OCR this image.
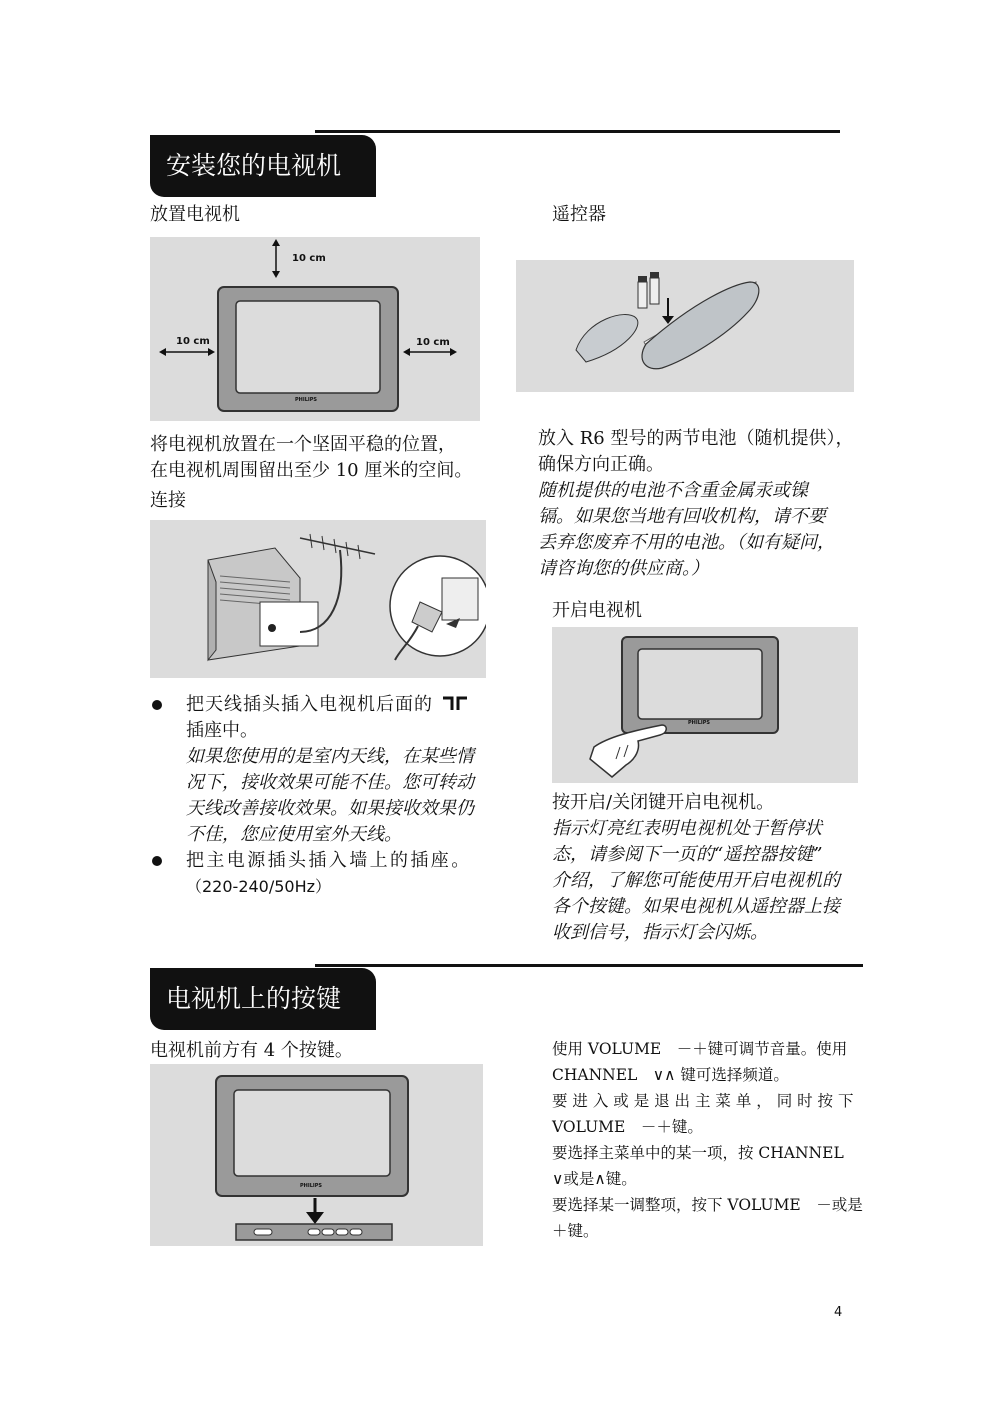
安装您的电视机
放置电视机
10 cm
10 cm	10 cm
PHILIPS
将电视机放置在一个坚固平稳的位置，
在电视机周围留出至少 10 厘米的空间。
连接
把天线插头插入电视机后面的
插座中。
如果您使用的是室内天线，在某些情
况下，接收效果可能不佳。您可转动
天线改善接收效果。如果接收效果仍
不佳，您应使用室外天线。
把主电源插头插入墙上的插座。
（220-240/50Hz）
遥控器
放入 R6 型号的两节电池（随机提供），
确保方向正确。
随机提供的电池不含重金属汞或镍
镉。如果您当地有回收机构，请不要
丢弃您废弃不用的电池。（如有疑问，
请咨询您的供应商。）
开启电视机
PHILIPS
按开启/关闭键开启电视机。
指示灯亮红表明电视机处于暂停状
态，请参阅下一页的“遥控器按键”
介绍，了解您可能使用开启电视机的
各个按键。如果电视机从遥控器上接
收到信号，指示灯会闪烁。
电视机上的按键
电视机前方有 4 个按键。
PHILIPS
使用 VOLUME　－＋键可调节音量。使用
CHANNEL　∨∧ 键可选择频道。
要 进 入 或 是 退 出 主 菜 单 ， 同 时 按 下
VOLUME　－＋键。
要选择主菜单中的某一项，按 CHANNEL
∨或是∧键。
要选择某一调整项，按下 VOLUME　－或是
＋键。
4
